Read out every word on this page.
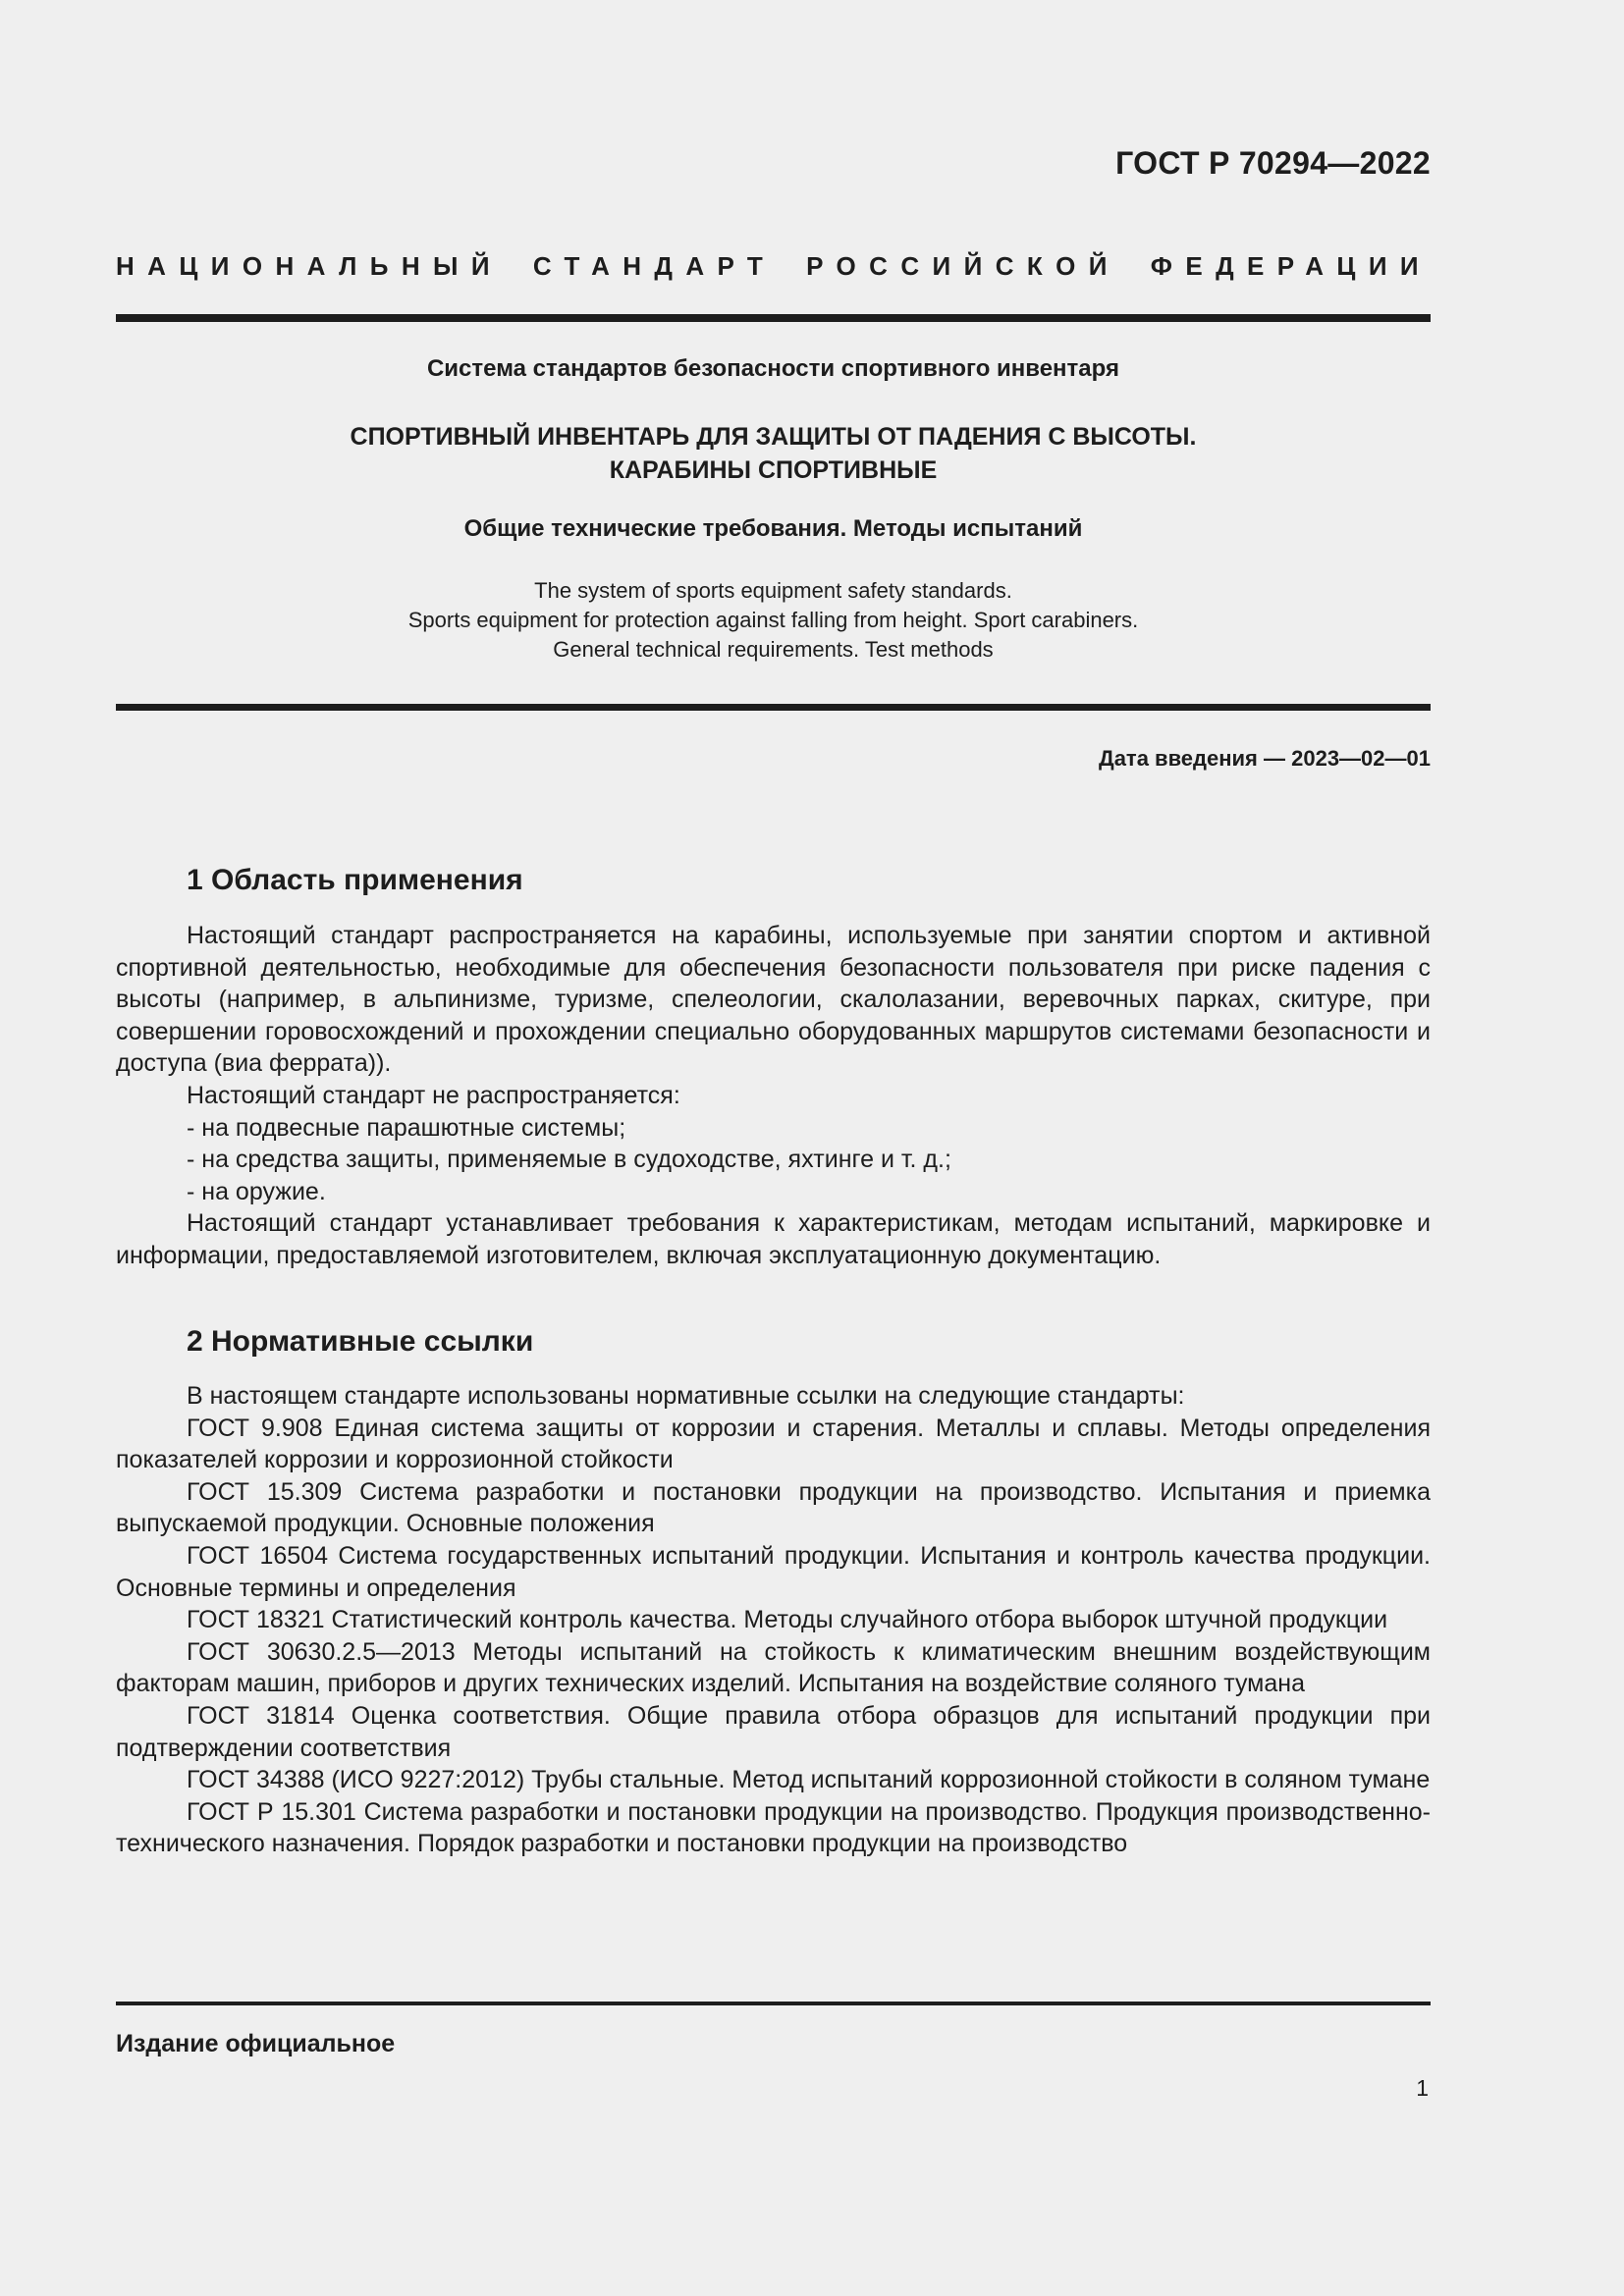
ГОСТ Р 70294—2022
НАЦИОНАЛЬНЫЙ СТАНДАРТ РОССИЙСКОЙ ФЕДЕРАЦИИ
Система стандартов безопасности спортивного инвентаря
СПОРТИВНЫЙ ИНВЕНТАРЬ ДЛЯ ЗАЩИТЫ ОТ ПАДЕНИЯ С ВЫСОТЫ.
КАРАБИНЫ СПОРТИВНЫЕ
Общие технические требования. Методы испытаний
The system of sports equipment safety standards.
Sports equipment for protection against falling from height. Sport carabiners.
General technical requirements. Test methods
Дата введения — 2023—02—01
1 Область применения

Настоящий стандарт распространяется на карабины, используемые при занятии спортом и активной спортивной деятельностью, необходимые для обеспечения безопасности пользователя при риске падения с высоты (например, в альпинизме, туризме, спелеологии, скалолазании, веревочных парках, скитуре, при совершении горовосхождений и прохождении специально оборудованных маршрутов системами безопасности и доступа (виа феррата)).

Настоящий стандарт не распространяется:

- на подвесные парашютные системы;

- на средства защиты, применяемые в судоходстве, яхтинге и т. д.;

- на оружие.

Настоящий стандарт устанавливает требования к характеристикам, методам испытаний, маркировке и информации, предоставляемой изготовителем, включая эксплуатационную документацию.

2 Нормативные ссылки

В настоящем стандарте использованы нормативные ссылки на следующие стандарты:

ГОСТ 9.908 Единая система защиты от коррозии и старения. Металлы и сплавы. Методы определения показателей коррозии и коррозионной стойкости

ГОСТ 15.309 Система разработки и постановки продукции на производство. Испытания и приемка выпускаемой продукции. Основные положения

ГОСТ 16504 Система государственных испытаний продукции. Испытания и контроль качества продукции. Основные термины и определения

ГОСТ 18321 Статистический контроль качества. Методы случайного отбора выборок штучной продукции

ГОСТ 30630.2.5—2013 Методы испытаний на стойкость к климатическим внешним воздействующим факторам машин, приборов и других технических изделий. Испытания на воздействие соляного тумана

ГОСТ 31814 Оценка соответствия. Общие правила отбора образцов для испытаний продукции при подтверждении соответствия

ГОСТ 34388 (ИСО 9227:2012) Трубы стальные. Метод испытаний коррозионной стойкости в соляном тумане

ГОСТ Р 15.301 Система разработки и постановки продукции на производство. Продукция производственно-технического назначения. Порядок разработки и постановки продукции на производство

Издание официальное
1
